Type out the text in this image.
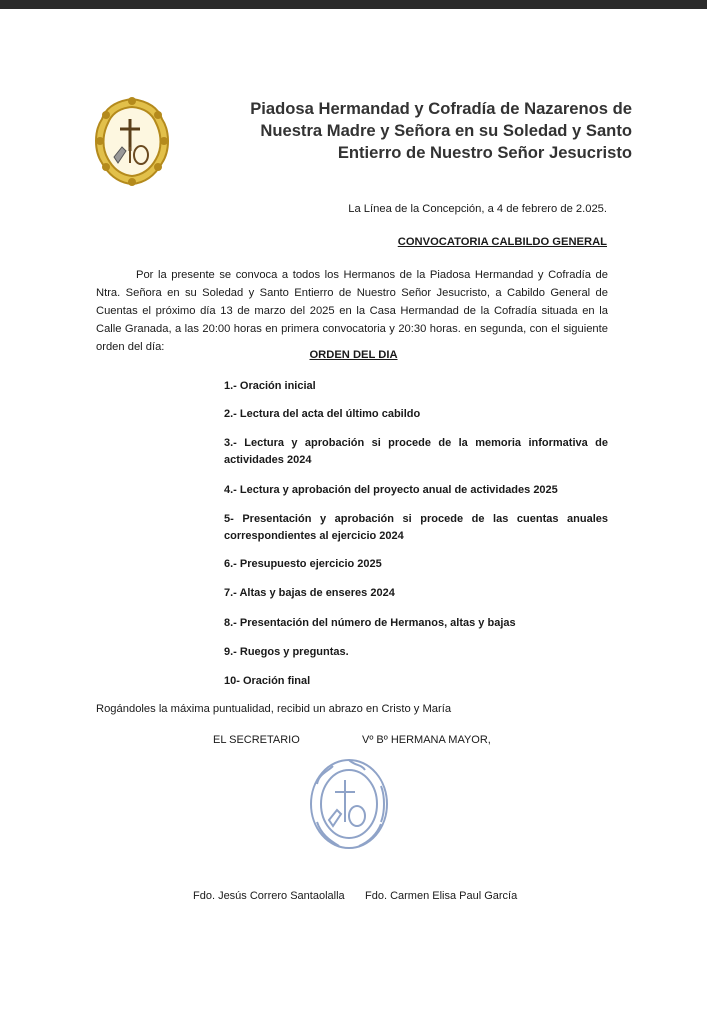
Piadosa Hermandad y Cofradía de Nazarenos de
Nuestra Madre y Señora en su Soledad y Santo
Entierro de Nuestro Señor Jesucristo
La Línea de la Concepción, a 4 de febrero de 2.025.
CONVOCATORIA CALBILDO GENERAL
Por la presente se convoca a todos los Hermanos de la Piadosa Hermandad y Cofradía de Ntra. Señora en su Soledad y Santo Entierro de Nuestro Señor Jesucristo, a Cabildo General de Cuentas el próximo día 13 de marzo del 2025 en la Casa Hermandad de la Cofradía situada en la Calle Granada, a las 20:00 horas en primera convocatoria y 20:30 horas. en segunda, con el siguiente orden del día:
ORDEN DEL DIA
1.- Oración inicial
2.- Lectura del acta del último cabildo
3.- Lectura y aprobación si procede de la memoria informativa de actividades 2024
4.- Lectura y aprobación del proyecto anual de actividades 2025
5- Presentación y aprobación si procede de las cuentas anuales correspondientes al ejercicio 2024
6.- Presupuesto ejercicio 2025
7.- Altas y bajas de enseres 2024
8.- Presentación del número de Hermanos, altas y bajas
9.- Ruegos y preguntas.
10- Oración final
Rogándoles la máxima puntualidad, recibid un abrazo en Cristo y María
EL SECRETARIO	Vº Bº HERMANA MAYOR,
Fdo. Jesús Correro Santaolalla Fdo. Carmen Elisa Paul García
